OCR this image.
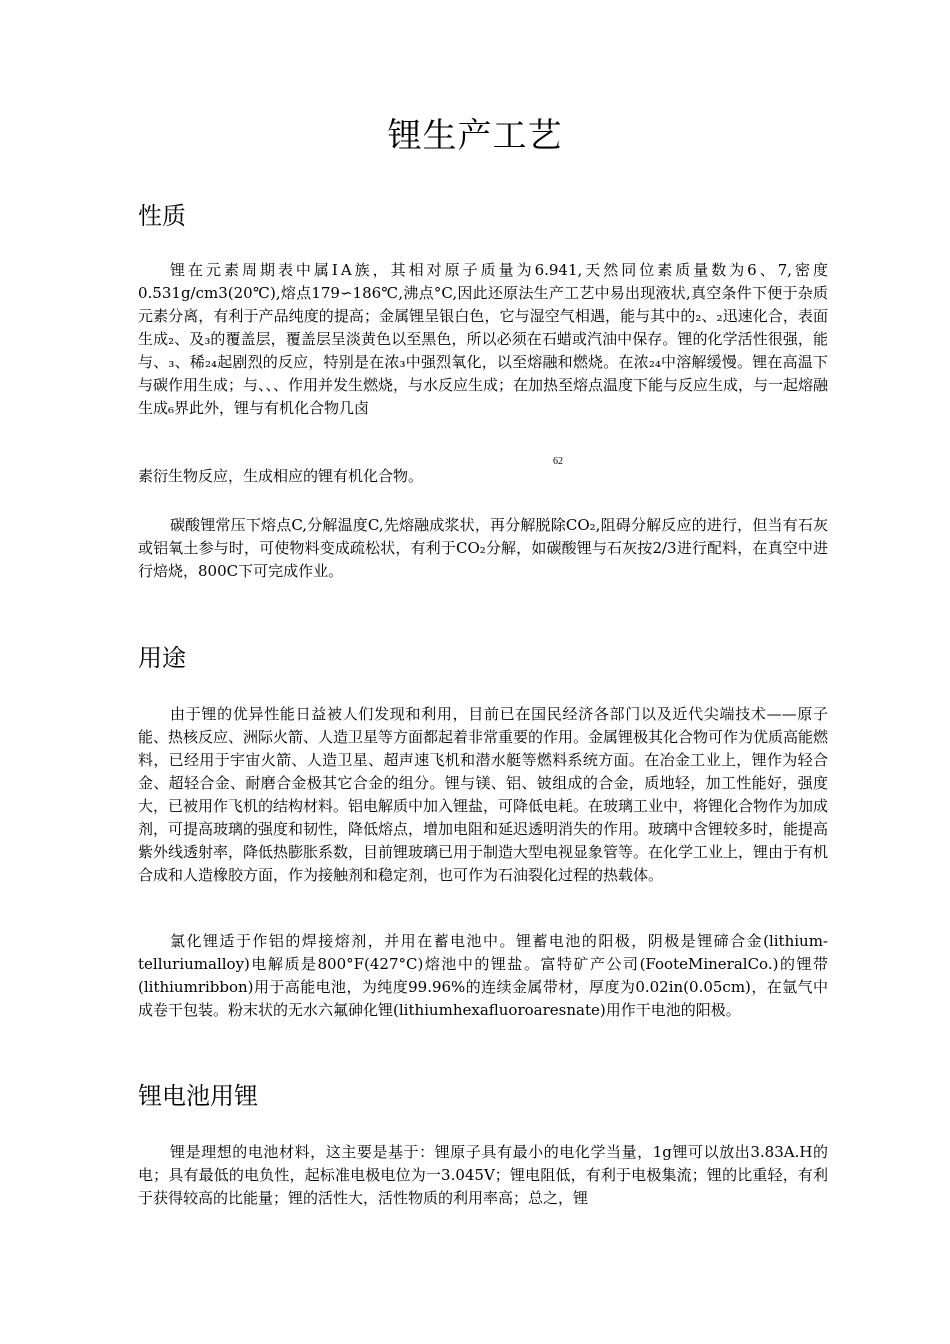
锂生产工艺
性质

锂在元素周期表中属ⅠA族，其相对原子质量为6.941,天然同位素质量数为6、7,密度0.531g/cm3(20℃),熔点179∽186℃,沸点°C,因此还原法生产工艺中易出现液状,真空条件下便于杂质元素分离，有利于产品纯度的提高；金属锂呈银白色，它与湿空气相遇，能与其中的₂、₂迅速化合，表面生成₂、及₃的覆盖层，覆盖层呈淡黄色以至黑色，所以必须在石蜡或汽油中保存。锂的化学活性很强，能与、₃、稀₂₄起剧烈的反应，特别是在浓₃中强烈氧化，以至熔融和燃烧。在浓₂₄中溶解缓慢。锂在高温下与碳作用生成；与、、、作用并发生燃烧，与水反应生成；在加热至熔点温度下能与反应生成，与一起熔融生成₆界此外，锂与有机化合物几卤

62

素衍生物反应，生成相应的锂有机化合物。

碳酸锂常压下熔点C,分解温度C,先熔融成浆状，再分解脱除CO₂,阻碍分解反应的进行，但当有石灰或铝氧土参与时，可使物料变成疏松状，有利于CO₂分解，如碳酸锂与石灰按2/3进行配料，在真空中进行焙烧，800C下可完成作业。

用途

由于锂的优异性能日益被人们发现和利用，目前已在国民经济各部门以及近代尖端技术——原子能、热核反应、洲际火箭、人造卫星等方面都起着非常重要的作用。金属锂极其化合物可作为优质高能燃料，已经用于宇宙火箭、人造卫星、超声速飞机和潜水艇等燃料系统方面。在冶金工业上，锂作为轻合金、超轻合金、耐磨合金极其它合金的组分。锂与镁、铝、铍组成的合金，质地轻，加工性能好，强度大，已被用作飞机的结构材料。铝电解质中加入锂盐，可降低电耗。在玻璃工业中，将锂化合物作为加成剂，可提高玻璃的强度和韧性，降低熔点，增加电阻和延迟透明消失的作用。玻璃中含锂较多时，能提高紫外线透射率，降低热膨胀系数，目前锂玻璃已用于制造大型电视显象管等。在化学工业上，锂由于有机合成和人造橡胶方面，作为接触剂和稳定剂，也可作为石油裂化过程的热载体。

氯化锂适于作铝的焊接熔剂，并用在蓄电池中。锂蓄电池的阳极，阴极是锂碲合金(lithium-telluriumalloy)电解质是800°F(427°C)熔池中的锂盐。富特矿产公司(FooteMineralCo.)的锂带(lithiumribbon)用于高能电池，为纯度99.96%的连续金属带材，厚度为0.02in(0.05cm)，在氩气中成卷干包装。粉末状的无水六氟砷化锂(lithiumhexafluoroaresnate)用作干电池的阳极。

锂电池用锂

锂是理想的电池材料，这主要是基于：锂原子具有最小的电化学当量，1g锂可以放出3.83A.H的电；具有最低的电负性，起标准电极电位为一3.045V；锂电阻低，有利于电极集流；锂的比重轻，有利于获得较高的比能量；锂的活性大，活性物质的利用率高；总之，锂
